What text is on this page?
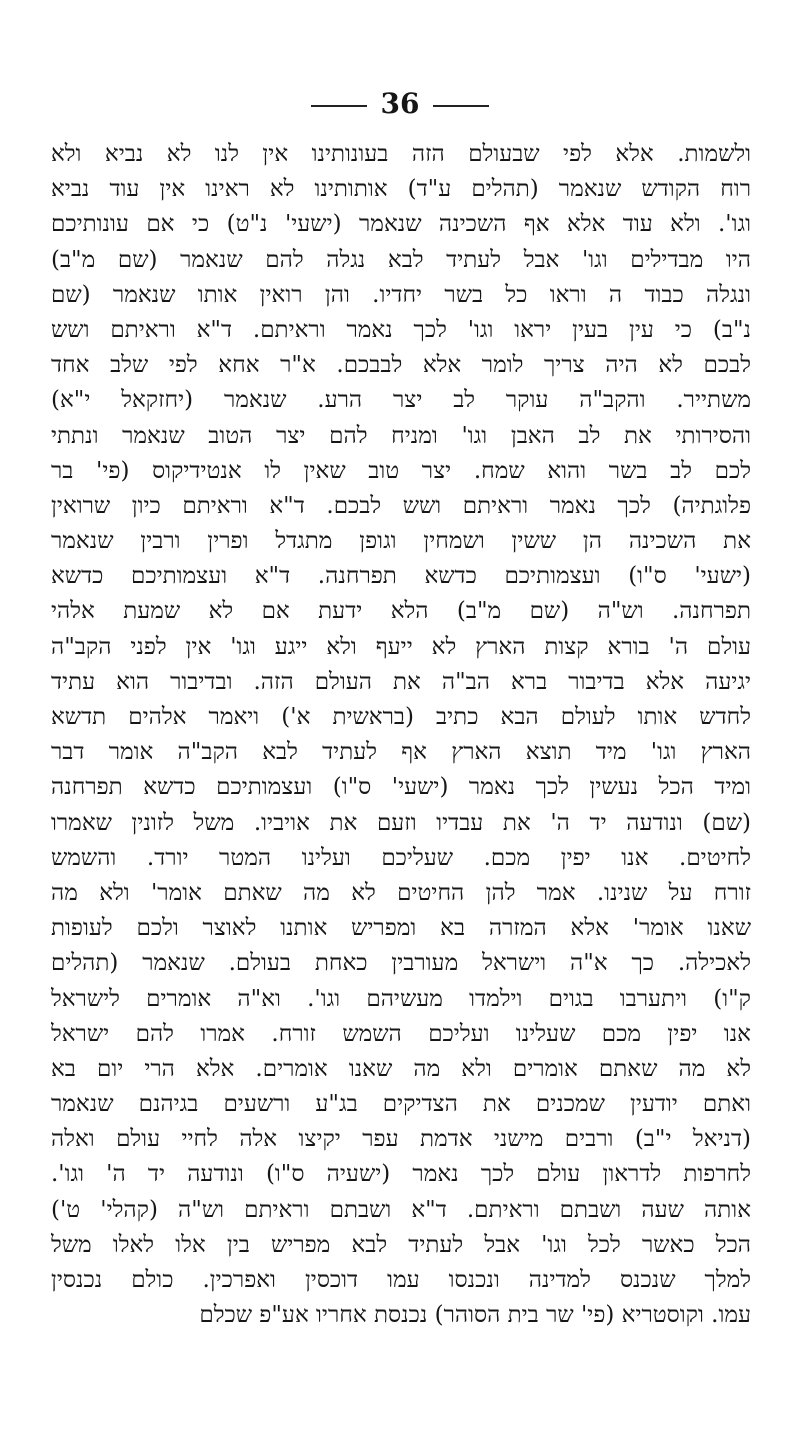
36
ולשמות. אלא לפי שבעולם הזה בעונותינו אין לנו לא נביא ולא
רוח הקודש שנאמר (תהלים ע"ד) אותותינו לא ראינו אין עוד נביא
וגו'. ולא עוד אלא אף השכינה שנאמר (ישעי' נ"ט) כי אם עונותיכם
היו מבדילים וגו' אבל לעתיד לבא נגלה להם שנאמר (שם מ"ב)
ונגלה כבוד ה וראו כל בשר יחדיו. והן רואין אותו שנאמר (שם
נ"ב) כי עין בעין יראו וגו' לכך נאמר וראיתם. ד"א וראיתם ושש
לבכם לא היה צריך לומר אלא לבבכם. א"ר אחא לפי שלב אחד
משתייר. והקב"ה עוקר לב יצר הרע. שנאמר (יחזקאל י"א)
והסירותי את לב האבן וגו' ומניח להם יצר הטוב שנאמר ונתתי
לכם לב בשר והוא שמח. יצר טוב שאין לו אנטידיקוס (פי' בר
פלוגתיה) לכך נאמר וראיתם ושש לבכם. ד"א וראיתם כיון שרואין
את השכינה הן ששין ושמחין וגופן מתגדל ופרין ורבין שנאמר
(ישעי' ס"ו) ועצמותיכם כדשא תפרחנה. ד"א ועצמותיכם כדשא
תפרחנה. וש"ה (שם מ"ב) הלא ידעת אם לא שמעת אלהי
עולם ה' בורא קצות הארץ לא ייעף ולא ייגע וגו' אין לפני הקב"ה
יגיעה אלא בדיבור ברא הב"ה את העולם הזה. ובדיבור הוא עתיד
לחדש אותו לעולם הבא כתיב (בראשית א') ויאמר אלהים תדשא
הארץ וגו' מיד תוצא הארץ אף לעתיד לבא הקב"ה אומר דבר
ומיד הכל נעשין לכך נאמר (ישעי' ס"ו) ועצמותיכם כדשא תפרחנה
(שם) ונודעה יד ה' את עבדיו וזעם את אויביו. משל לזונין שאמרו
לחיטים. אנו יפין מכם. שעליכם ועלינו המטר יורד. והשמש
זורח על שנינו. אמר להן החיטים לא מה שאתם אומר' ולא מה
שאנו אומר' אלא המזרה בא ומפריש אותנו לאוצר ולכם לעופות
לאכילה. כך א"ה וישראל מעורבין כאחת בעולם. שנאמר (תהלים
ק"ו) ויתערבו בגוים וילמדו מעשיהם וגו'. וא"ה אומרים לישראל
אנו יפין מכם שעלינו ועליכם השמש זורח. אמרו להם ישראל
לא מה שאתם אומרים ולא מה שאנו אומרים. אלא הרי יום בא
ואתם יודעין שמכנים את הצדיקים בג"ע ורשעים בגיהנם שנאמר
(דניאל י"ב) ורבים מישני אדמת עפר יקיצו אלה לחיי עולם ואלה
לחרפות לדראון עולם לכך נאמר (ישעיה ס"ו) ונודעה יד ה' וגו'.
אותה שעה ושבתם וראיתם. ד"א ושבתם וראיתם וש"ה (קהלי' ט')
הכל כאשר לכל וגו' אבל לעתיד לבא מפריש בין אלו לאלו משל
למלך שנכנס למדינה ונכנסו עמו דוכסין ואפרכין. כולם נכנסין
עמו. וקוסטריא (פי' שר בית הסוהר) נכנסת אחריו אע"פ שכלם
